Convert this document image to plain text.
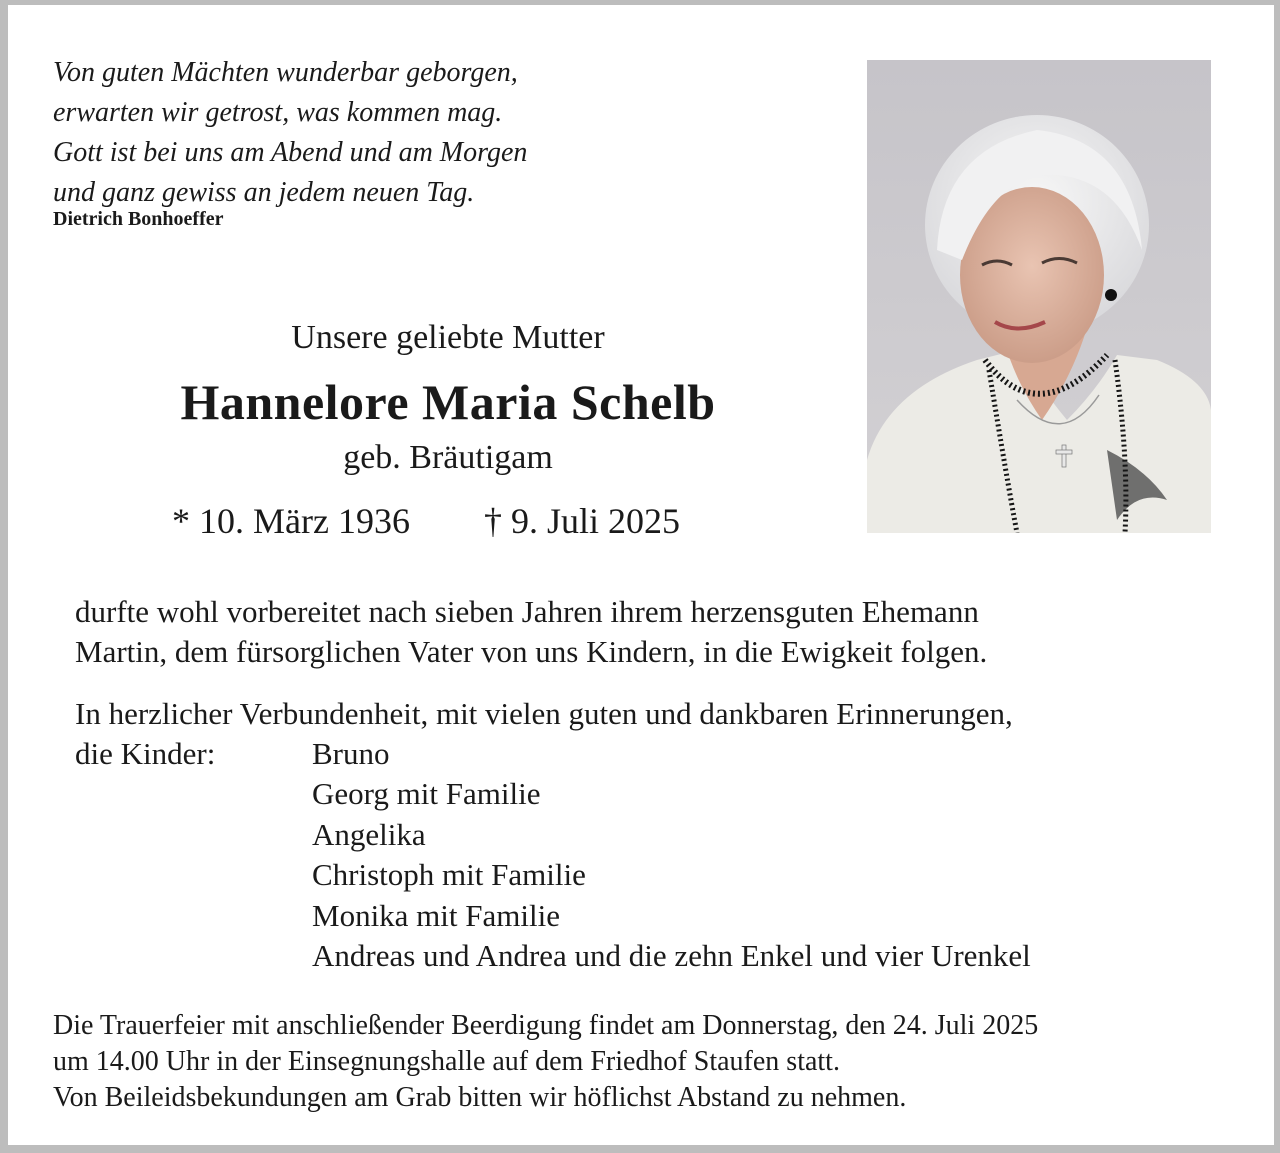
Von guten Mächten wunderbar geborgen,
erwarten wir getrost, was kommen mag.
Gott ist bei uns am Abend und am Morgen
und ganz gewiss an jedem neuen Tag.
Dietrich Bonhoeffer
Unsere geliebte Mutter
Hannelore Maria Schelb
geb. Bräutigam
* 10. März 1936 † 9. Juli 2025
durfte wohl vorbereitet nach sieben Jahren ihrem herzensguten Ehemann
Martin, dem fürsorglichen Vater von uns Kindern, in die Ewigkeit folgen.
In herzlicher Verbundenheit, mit vielen guten und dankbaren Erinnerungen,
die Kinder:	Bruno
Georg mit Familie
Angelika
Christoph mit Familie
Monika mit Familie
Andreas und Andrea und die zehn Enkel und vier Urenkel
Die Trauerfeier mit anschließender Beerdigung findet am Donnerstag, den 24. Juli 2025
um 14.00 Uhr in der Einsegnungshalle auf dem Friedhof Staufen statt.
Von Beileidsbekundungen am Grab bitten wir höflichst Abstand zu nehmen.
